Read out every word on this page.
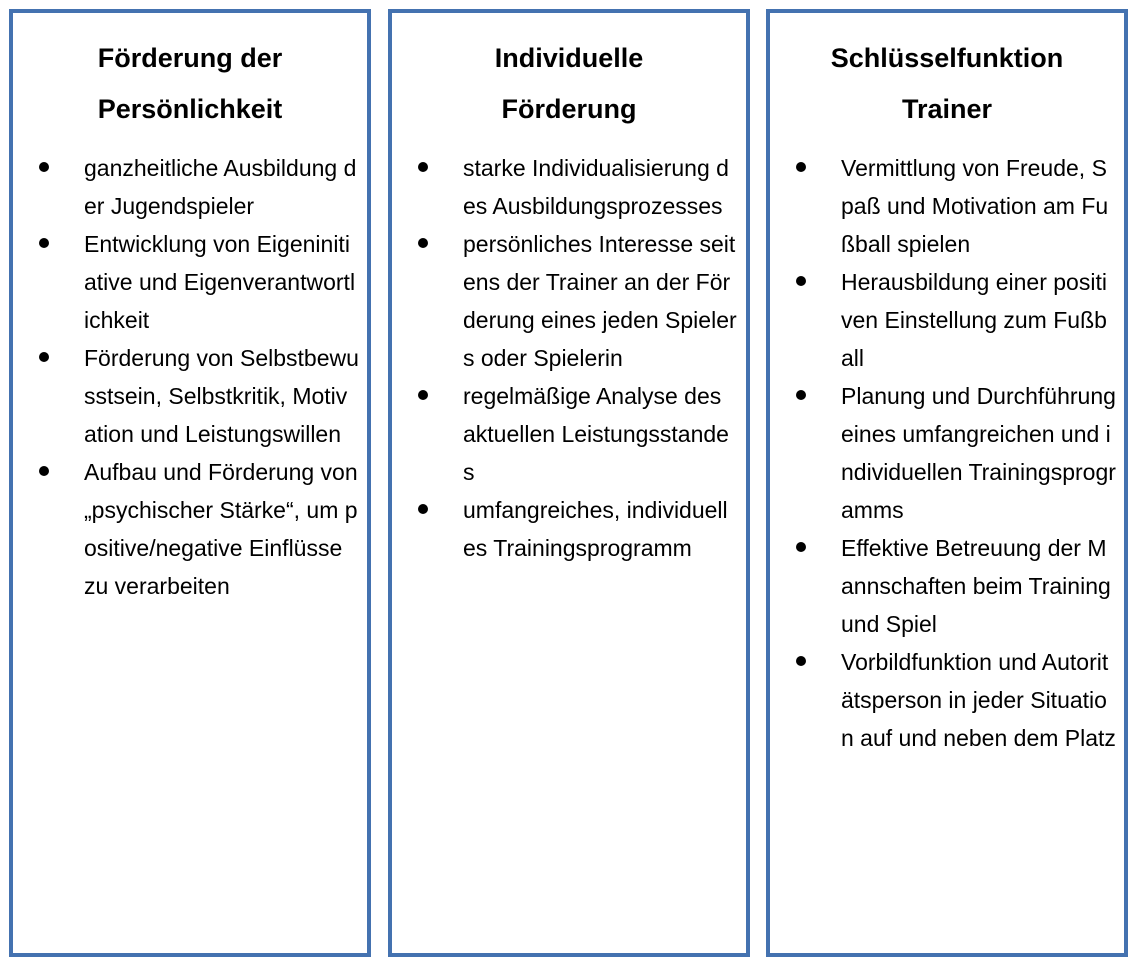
Förderung der Persönlichkeit
ganzheitliche Ausbildung der Jugendspieler
Entwicklung von Eigeninitiative und Eigenverantwortlichkeit
Förderung von Selbstbewusstsein, Selbstkritik, Motivation und Leistungswillen
Aufbau und Förderung von „psychischer Stärke“, um positive/negative Einflüsse zu verarbeiten
Individuelle Förderung
starke Individualisierung des Ausbildungsprozesses
persönliches Interesse seitens der Trainer an der Förderung eines jeden Spielers oder Spielerin
regelmäßige Analyse des aktuellen Leistungsstandes
umfangreiches, individuelles Trainingsprogramm
Schlüsselfunktion Trainer
Vermittlung von Freude, Spaß und Motivation am Fußball spielen
Herausbildung einer positiven Einstellung zum Fußball
Planung und Durchführung eines umfangreichen und individuellen Trainingsprogramms
Effektive Betreuung der Mannschaften beim Training und Spiel
Vorbildfunktion und Autoritätsperson in jeder Situation auf und neben dem Platz
